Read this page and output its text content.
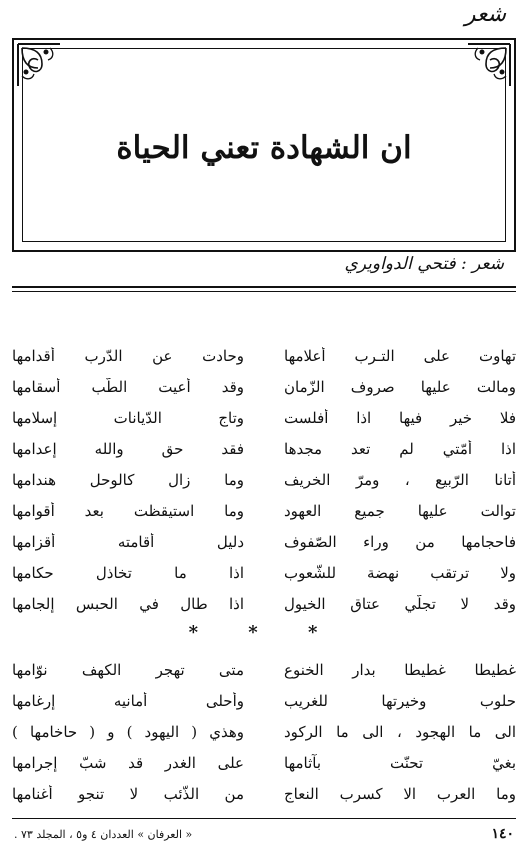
شعر
ان الشهادة تعني الحياة
شعر : فتحي الدواويري
تهاوت على التـرب أعلامها
وحادت عن الدّرب أقدامها
ومالت عليها صروف الزّمان
وقد أعيت الطّب أسقامها
فلا خير فيها اذا أفلست
وتاج الدّيانات إسلامها
اذا أمّتي لم تعد مجدها
فقد حق والله إعدامها
أتانا الرّبيع ، ومرّ الخريف
وما زال كالوحل هندامها
توالت عليها جميع العهود
وما استيقظت بعد أقوامها
فاحجامها من وراء الصّفوف
دليل أقامته أقزامها
ولا ترتقب نهضة للشّعوب
اذا ما تخاذل حكامها
وقد لا تجلّي عتاق الخيول
اذا طال في الحبس إلجامها
* * *
غطيطا غطيطا بدار الخنوع
متى تهجر الكهف نوّامها
حلوب وخيرتها للغريب
وأحلى أمانيه إرغامها
الى ما الهجود ، الى ما الركود
وهذي ( اليهود ) و ( حاخامها )
بغيّ تحنّت بآثامها
على الغدر قد شبّ إجرامها
وما العرب الا كسرب النعاج
من الذّئب لا تنجو أغنامها
١٤٠
« العرفان » العددان ٤ و٥ ، المجلد ٧٣ .
